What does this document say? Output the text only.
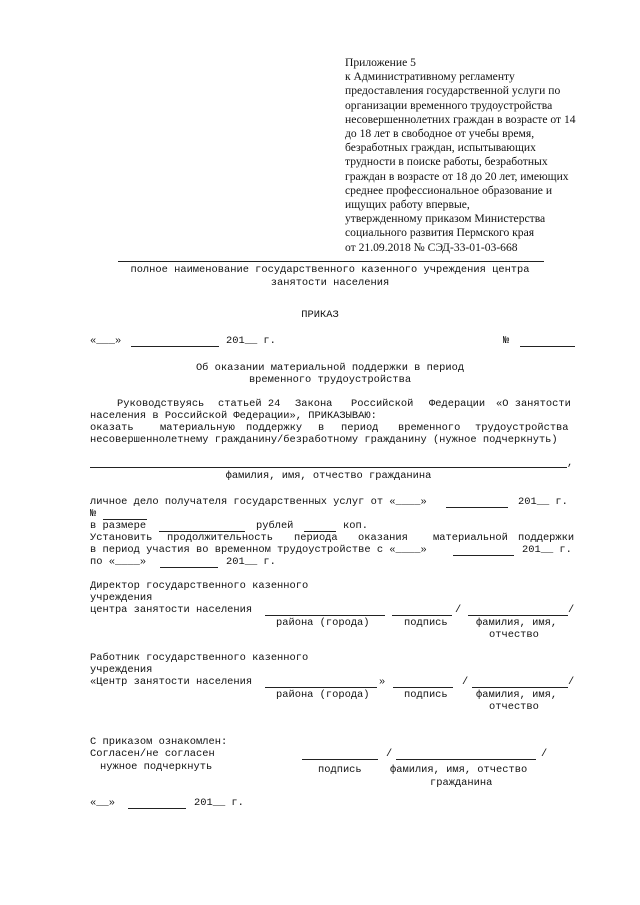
Приложение 5
к Административному регламенту
предоставления государственной услуги по
организации временного трудоустройства
несовершеннолетних граждан в возрасте от 14
до 18 лет в свободное от учебы время,
безработных граждан, испытывающих
трудности в поиске работы, безработных
граждан в возрасте от 18 до 20 лет, имеющих
среднее профессиональное образование и
ищущих работу впервые,
утвержденному приказом Министерства
социального развития Пермского края
от 21.09.2018 № СЭД-33-01-03-668
полное наименование государственного казенного учреждения центра
занятости населения
ПРИКАЗ
«___»	201__ г.	№
Об оказании материальной поддержки в период
временного трудоустройства
Руководствуясь статьей 24 Закона Российской Федерации «О занятости
населения в Российской Федерации», ПРИКАЗЫВАЮ:
оказать	материальную поддержку в период временного трудоустройства
несовершеннолетнему гражданину/безработному гражданину (нужное подчеркнуть)
,
фамилия, имя, отчество гражданина
личное дело получателя государственных услуг от «____»	201__ г.
№
в размере	рублей	коп.
Установить продолжительность периода оказания материальной поддержки
в период участия во временном трудоустройстве с «____»	201__ г.
по «____»	201__ г.
Директор государственного казенного
учреждения
центра занятости населения	/	/
района (города)	подпись	фамилия, имя,
отчество
Работник государственного казенного
учреждения
«Центр занятости населения	»	/	/
района (города)	подпись	фамилия, имя,
отчество
С приказом ознакомлен:
Согласен/не согласен	/	/
нужное подчеркнуть	подпись	фамилия, имя, отчество
гражданина
«__»	201__ г.
